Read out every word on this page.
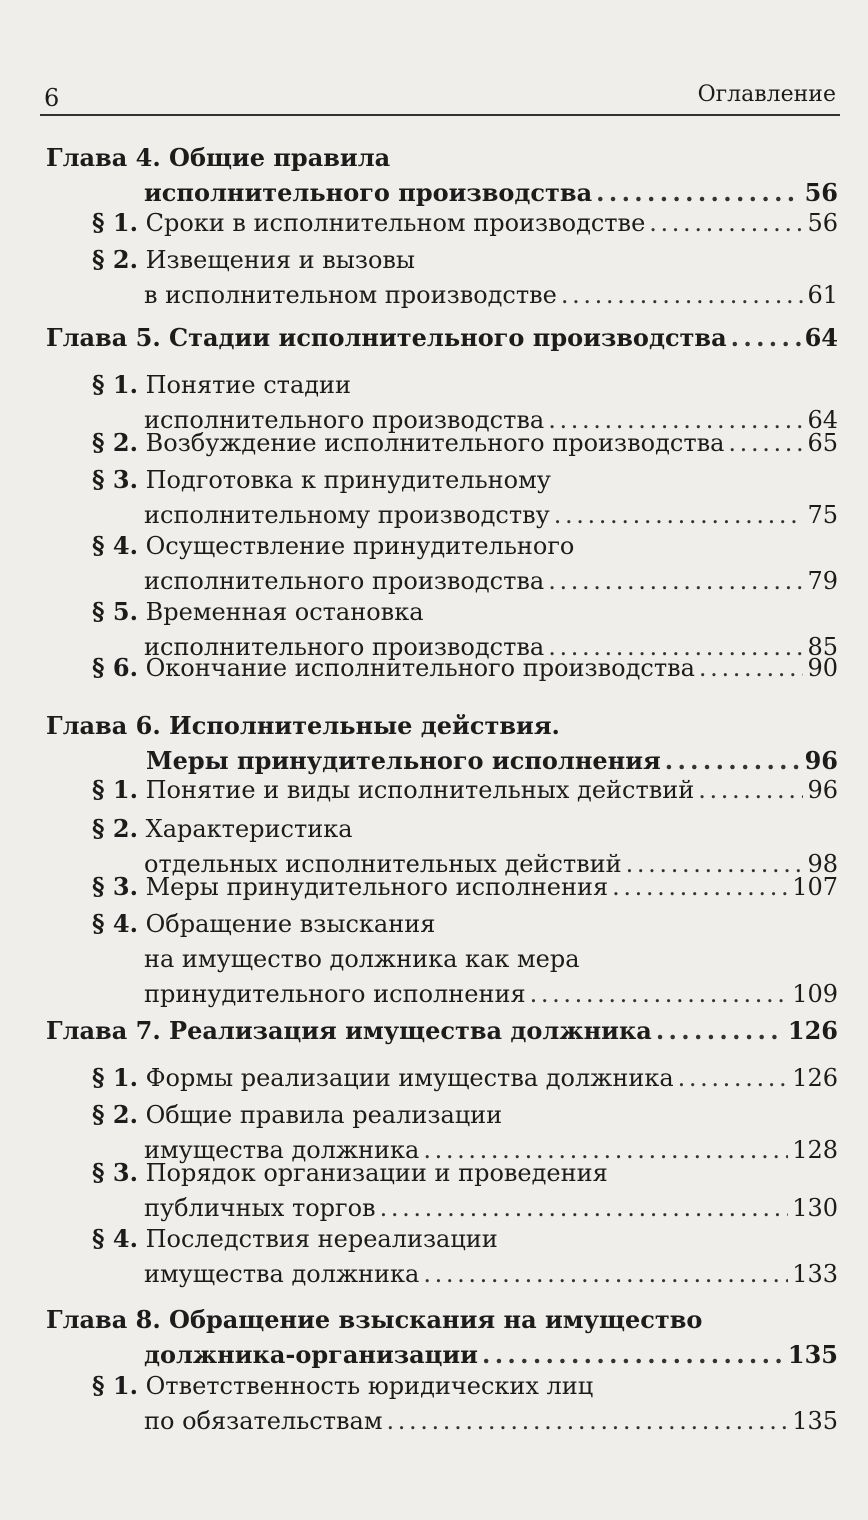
6	Оглавление
Глава 4. Общие правила
исполнительного производства . . .	56
§ 1.
Сроки в исполнительном производстве . . .	56
§ 2.
Извещения и вызовы
в исполнительном производстве . . .	61
Глава 5. Стадии исполнительного производства . . .	64
§ 1.
Понятие стадии
исполнительного производства . . .	64
§ 2.
Возбуждение исполнительного производства . . .	65
§ 3.
Подготовка к принудительному
исполнительному производству . . .	75
§ 4.
Осуществление принудительного
исполнительного производства . . .	79
§ 5.
Временная остановка
исполнительного производства . . .	85
§ 6.
Окончание исполнительного производства . . .	90
Глава 6. Исполнительные действия.
Меры принудительного исполнения . . .	96
§ 1.
Понятие и виды исполнительных действий . . .	96
§ 2.
Характеристика
отдельных исполнительных действий . . .	98
§ 3.
Меры принудительного исполнения . . .	107
§ 4.
Обращение взыскания
на имущество должника как мера
принудительного исполнения . . .	109
Глава 7. Реализация имущества должника . . .	126
§ 1.
Формы реализации имущества должника . . .	126
§ 2.
Общие правила реализации
имущества должника . . .	128
§ 3.
Порядок организации и проведения
публичных торгов . . .	130
§ 4.
Последствия нереализации
имущества должника . . .	133
Глава 8. Обращение взыскания на имущество
должника-организации . . .	135
§ 1.
Ответственность юридических лиц
по обязательствам . . .	135
